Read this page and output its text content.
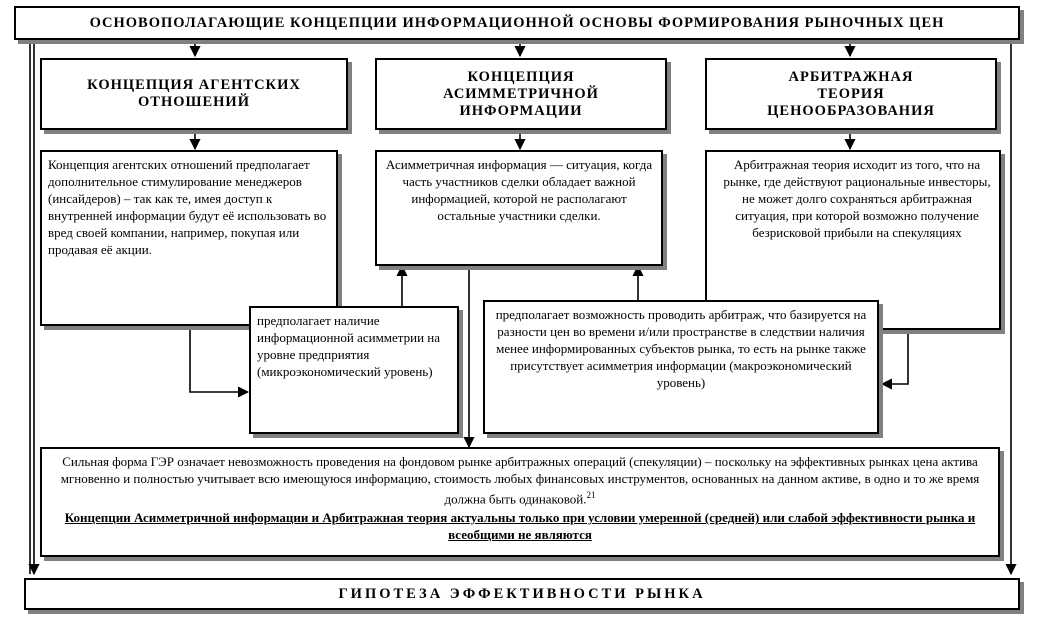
ОСНОВОПОЛАГАЮЩИЕ КОНЦЕПЦИИ ИНФОРМАЦИОННОЙ ОСНОВЫ ФОРМИРОВАНИЯ РЫНОЧНЫХ ЦЕН
КОНЦЕПЦИЯ АГЕНТСКИХ ОТНОШЕНИЙ
КОНЦЕПЦИЯ АСИММЕТРИЧНОЙ ИНФОРМАЦИИ
АРБИТРАЖНАЯ ТЕОРИЯ ЦЕНООБРАЗОВАНИЯ
Концепция агентских отношений предполагает дополнительное стимулирование менеджеров (инсайдеров) – так как те, имея доступ к внутренней информации будут её использовать во вред своей компании, например, покупая или продавая её акции.
Асимметричная информация — ситуация, когда часть участников сделки обладает важной информацией, которой не располагают остальные участники сделки.
Арбитражная теория исходит из того, что на рынке, где действуют рациональные инвесторы, не может долго сохраняться арбитражная ситуация, при которой возможно получение безрисковой прибыли на спекуляциях
предполагает наличие информационной асимметрии на уровне предприятия (микроэкономический уровень)
предполагает возможность проводить арбитраж, что базируется на разности цен во времени и/или пространстве в следствии наличия менее информированных субъектов рынка, то есть на рынке также присутствует асимметрия информации (макроэкономический уровень)
Сильная форма ГЭР означает невозможность проведения на фондовом рынке арбитражных операций (спекуляции) – поскольку на эффективных рынках цена актива мгновенно и полностью учитывает всю имеющуюся информацию, стоимость любых финансовых инструментов, основанных на данном активе, в одно и то же время должна быть одинаковой.$^{21}$
Концепции Асимметричной информации и Арбитражная теория актуальны только при условии умеренной (средней) или слабой эффективности рынка и всеобщими не являются
ГИПОТЕЗА ЭФФЕКТИВНОСТИ РЫНКА
